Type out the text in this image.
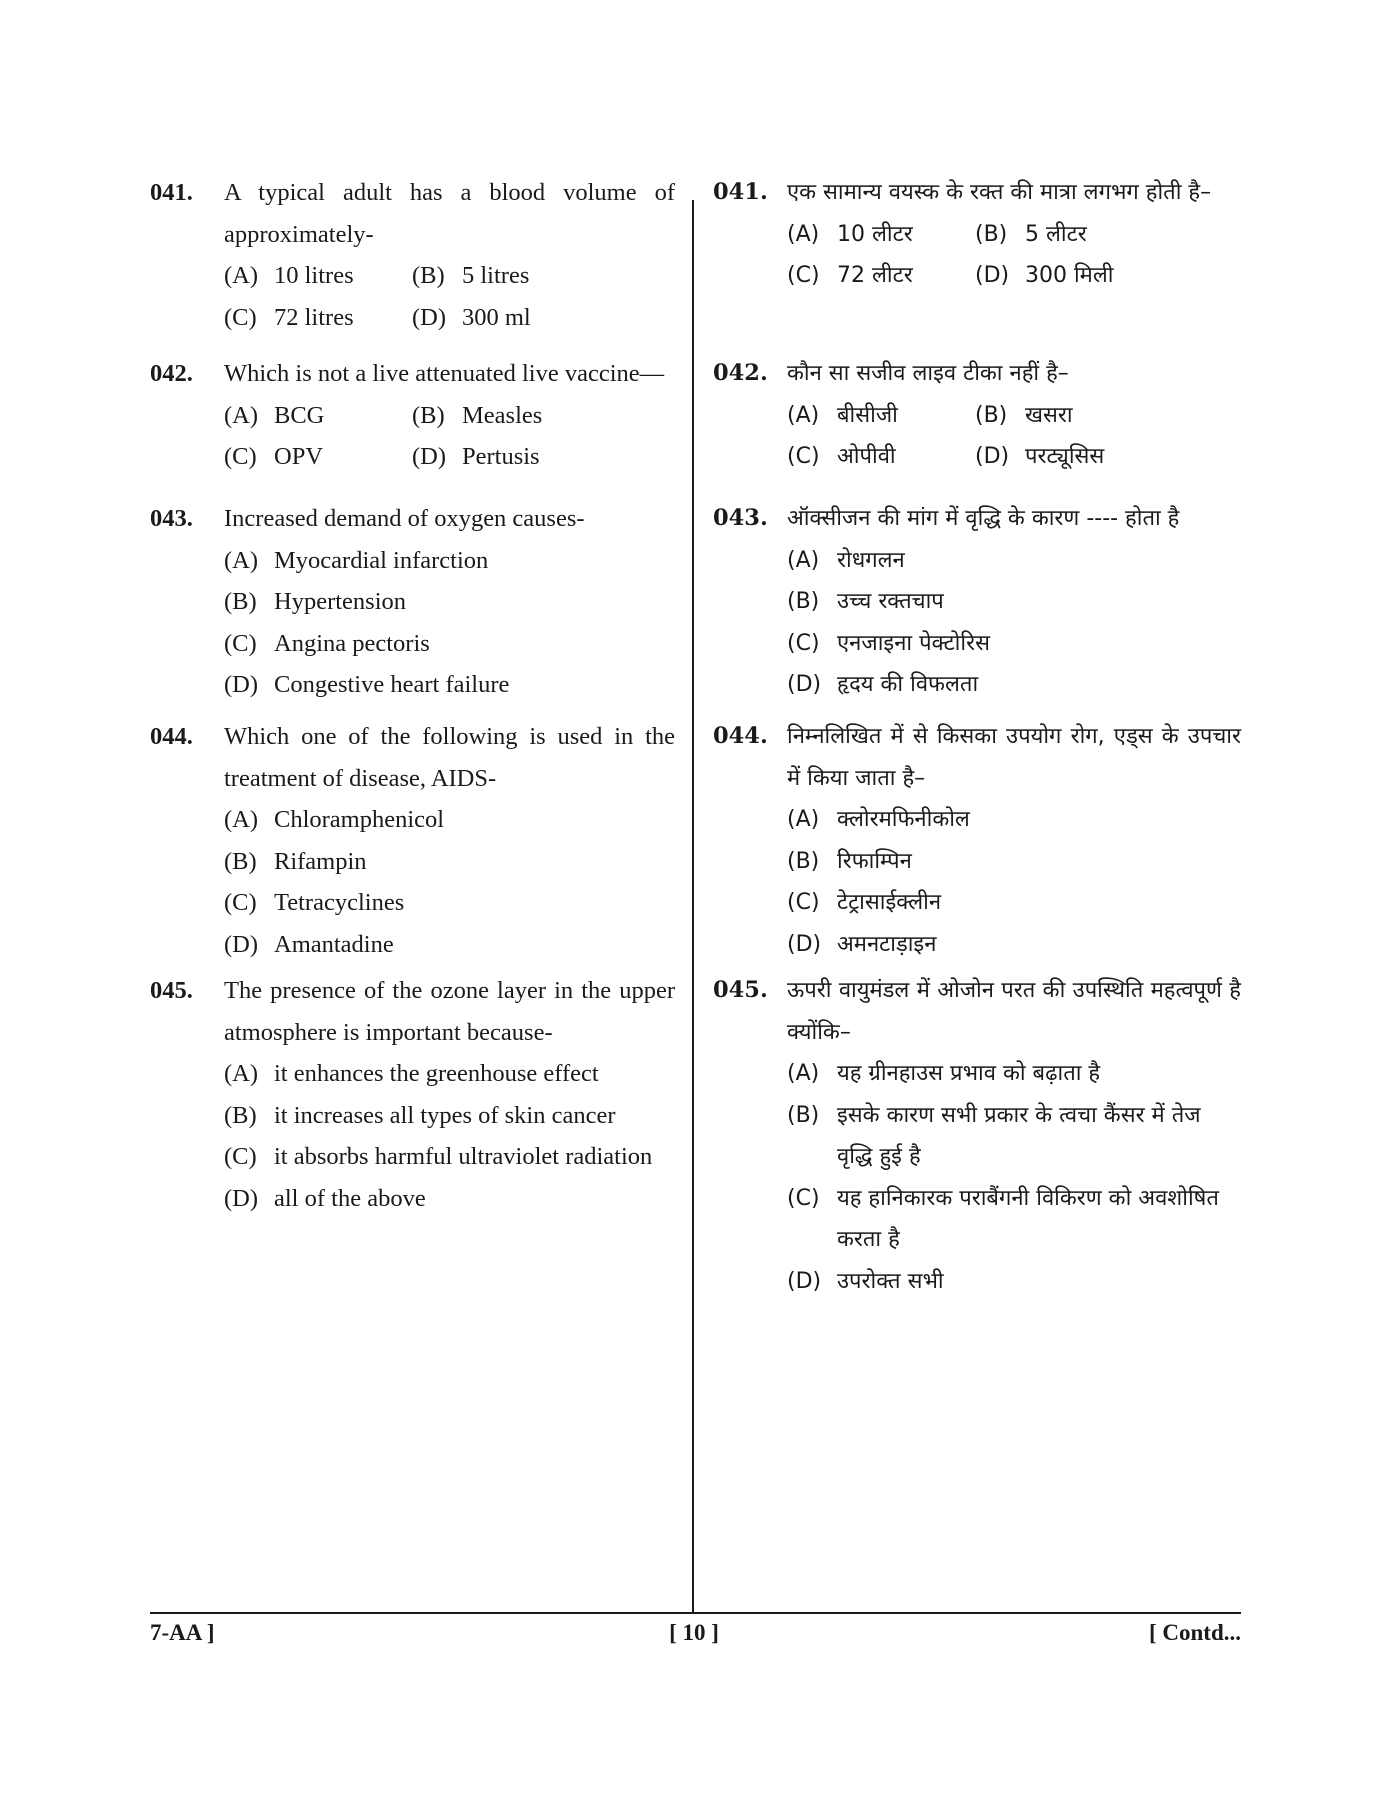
041. A typical adult has a blood volume of approximately-
(A) 10 litres	(B) 5 litres
(C) 72 litres	(D) 300 ml
042. Which is not a live attenuated live vaccine—
(A) BCG	(B) Measles
(C) OPV	(D) Pertusis
043. Increased demand of oxygen causes-
(A) Myocardial infarction
(B) Hypertension
(C) Angina pectoris
(D) Congestive heart failure
044. Which one of the following is used in the treatment of disease, AIDS-
(A) Chloramphenicol
(B) Rifampin
(C) Tetracyclines
(D) Amantadine
045. The presence of the ozone layer in the upper atmosphere is important because-
(A) it enhances the greenhouse effect
(B) it increases all types of skin cancer
(C) it absorbs harmful ultraviolet radiation
(D) all of the above
041. एक सामान्य वयस्क के रक्त की मात्रा लगभग होती है–
(A) 10 लीटर	(B) 5 लीटर
(C) 72 लीटर	(D) 300 मिली
042. कौन सा सजीव लाइव टीका नहीं है–
(A) बीसीजी	(B) खसरा
(C) ओपीवी	(D) परट्यूसिस
043. ऑक्सीजन की मांग में वृद्धि के कारण ---- होता है
(A) रोधगलन
(B) उच्च रक्तचाप
(C) एनजाइना पेक्टोरिस
(D) हृदय की विफलता
044. निम्नलिखित में से किसका उपयोग रोग, एड्स के उपचार में किया जाता है–
(A) क्लोरमफिनीकोल
(B) रिफाम्पिन
(C) टेट्रासाईक्लीन
(D) अमनटाड़ाइन
045. ऊपरी वायुमंडल में ओजोन परत की उपस्थिति महत्वपूर्ण है क्योंकि–
(A) यह ग्रीनहाउस प्रभाव को बढ़ाता है
(B) इसके कारण सभी प्रकार के त्वचा कैंसर में तेज वृद्धि हुई है
(C) यह हानिकारक पराबैंगनी विकिरण को अवशोषित करता है
(D) उपरोक्त सभी
7-AA ]	[ 10 ]	[ Contd...
